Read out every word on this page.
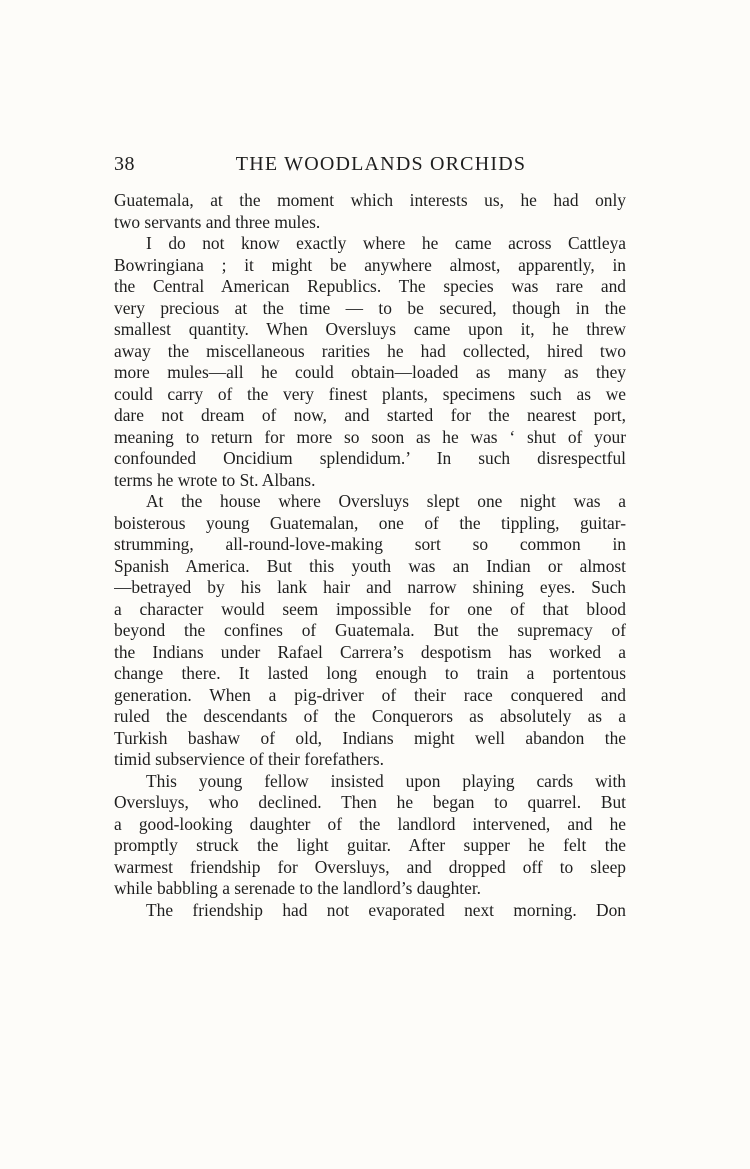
38	THE WOODLANDS ORCHIDS
Guatemala, at the moment which interests us, he had only
two servants and three mules.
I do not know exactly where he came across Cattleya
Bowringiana ; it might be anywhere almost, apparently, in
the Central American Republics. The species was rare and
very precious at the time — to be secured, though in the
smallest quantity. When Oversluys came upon it, he threw
away the miscellaneous rarities he had collected, hired two
more mules—all he could obtain—loaded as many as they
could carry of the very finest plants, specimens such as we
dare not dream of now, and started for the nearest port,
meaning to return for more so soon as he was ‘ shut of your
confounded Oncidium splendidum.’ In such disrespectful
terms he wrote to St. Albans.
At the house where Oversluys slept one night was a
boisterous young Guatemalan, one of the tippling, guitar-
strumming, all-round-love-making sort so common in
Spanish America. But this youth was an Indian or almost
—betrayed by his lank hair and narrow shining eyes. Such
a character would seem impossible for one of that blood
beyond the confines of Guatemala. But the supremacy of
the Indians under Rafael Carrera’s despotism has worked a
change there. It lasted long enough to train a portentous
generation. When a pig-driver of their race conquered and
ruled the descendants of the Conquerors as absolutely as a
Turkish bashaw of old, Indians might well abandon the
timid subservience of their forefathers.
This young fellow insisted upon playing cards with
Oversluys, who declined. Then he began to quarrel. But
a good-looking daughter of the landlord intervened, and he
promptly struck the light guitar. After supper he felt the
warmest friendship for Oversluys, and dropped off to sleep
while babbling a serenade to the landlord’s daughter.
The friendship had not evaporated next morning. Don
